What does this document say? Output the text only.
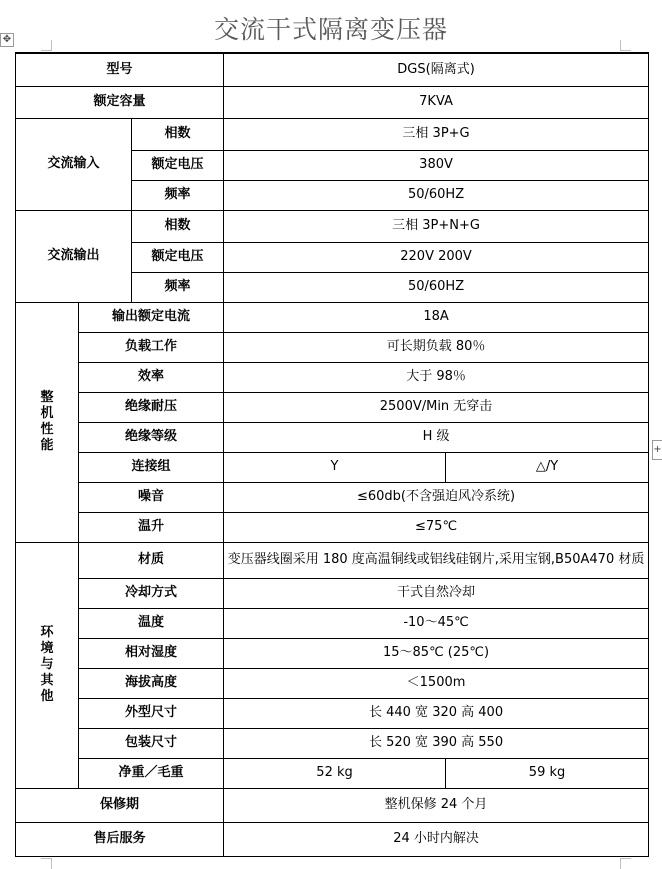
交流干式隔离变压器
✥
+
型号			DGS(隔离式)	
额定容量			7KVA	
交流输入		相数	三相 3P+G	
		额定电压	380V	
		频率	50/60HZ	
交流输出		相数	三相 3P+N+G	
		额定电压	220V 200V	
		频率	50/60HZ	
整机性能	输出额定电流		18A	
	负载工作		可长期负载 80％	
	效率		大于 98％	
	绝缘耐压		2500V/Min 无穿击	
	绝缘等级		H 级	
	连接组		Y	△/Y
	噪音		≤60db(不含强迫风冷系统)	
	温升		≤75℃	
环境与其他	材质		变压器线圈采用 180 度高温铜线或铝线硅钢片,采用宝钢,B50A470 材质	
	冷却方式		干式自然冷却	
	温度		-10～45℃	
	相对湿度		15～85℃ (25℃)	
	海拔高度		＜1500m	
	外型尺寸		长 440 宽 320 高 400	
	包装尺寸		长 520 宽 390 高 550	
	净重／毛重		52 kg	59 kg
保修期			整机保修 24 个月	
售后服务			24 小时内解决	
